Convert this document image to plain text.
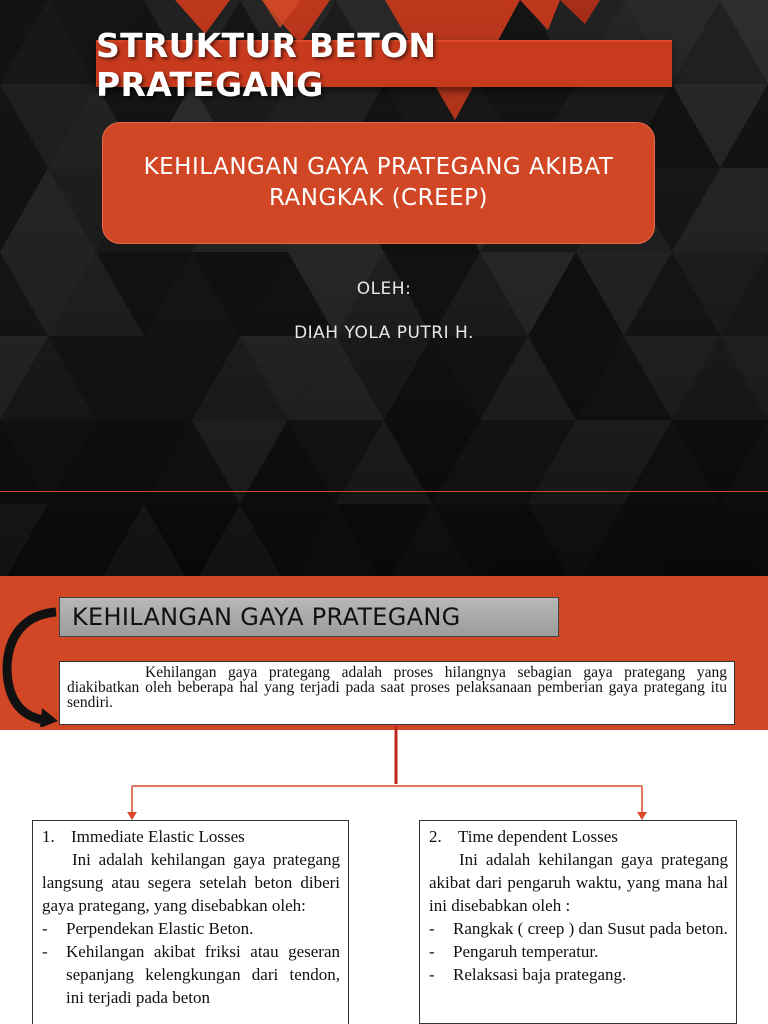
STRUKTUR BETON PRATEGANG
KEHILANGAN GAYA PRATEGANG AKIBAT
RANGKAK (CREEP)
OLEH:
DIAH YOLA PUTRI H.
KEHILANGAN GAYA PRATEGANG
Kehilangan gaya prategang adalah proses hilangnya sebagian gaya prategang yang diakibatkan oleh beberapa hal yang terjadi pada saat proses pelaksanaan pemberian gaya prategang itu sendiri.
1. Immediate Elastic Losses
Ini adalah kehilangan gaya prategang langsung atau segera setelah beton diberi gaya prategang, yang disebabkan oleh:
- Perpendekan Elastic Beton.
- Kehilangan akibat friksi atau geseran sepanjang kelengkungan dari tendon, ini terjadi pada beton
2. Time dependent Losses
Ini adalah kehilangan gaya prategang akibat dari pengaruh waktu, yang mana hal ini disebabkan oleh :
- Rangkak ( creep ) dan Susut pada beton.
- Pengaruh temperatur.
- Relaksasi baja prategang.
